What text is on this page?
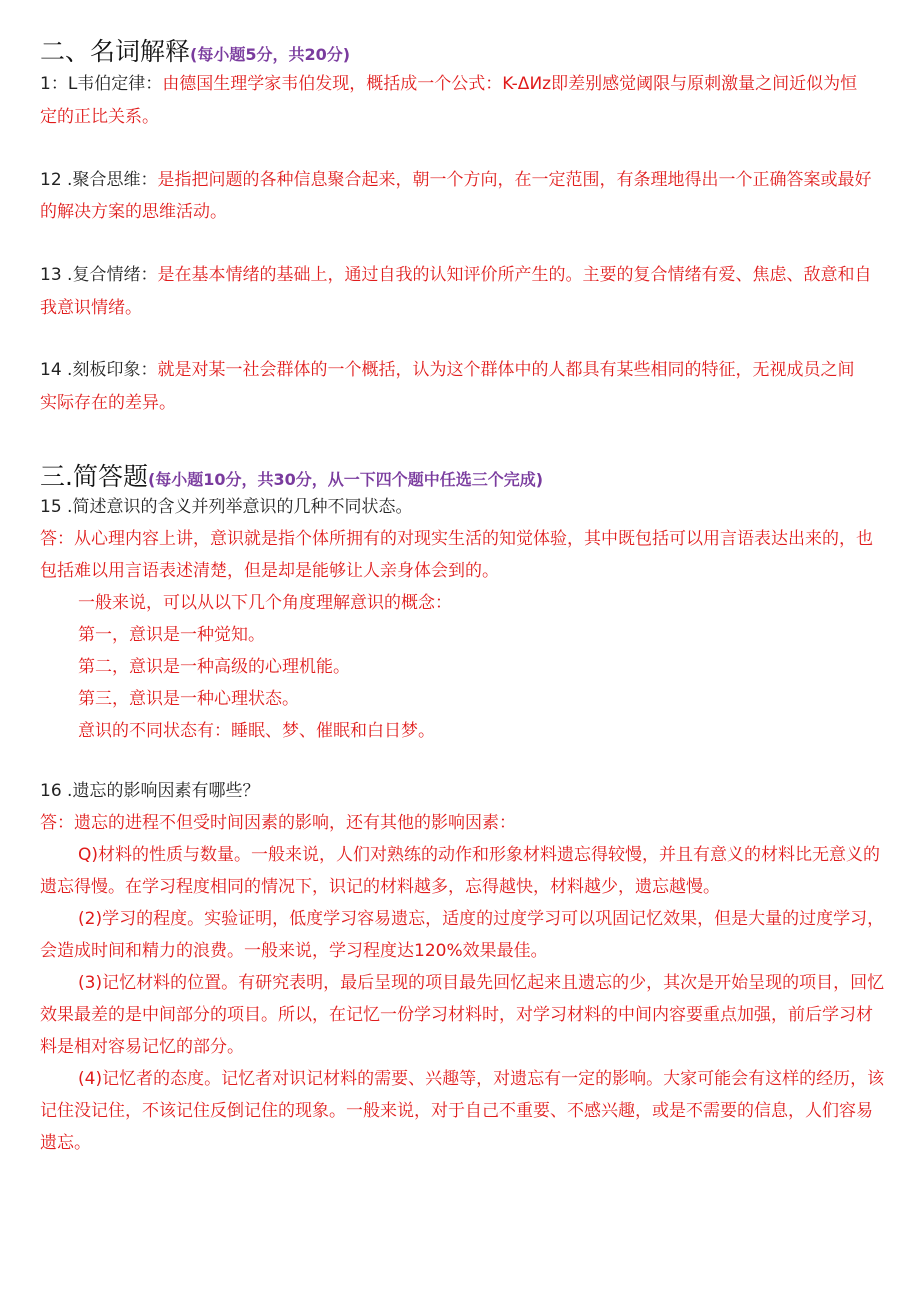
二、名词解释(每小题5分，共20分)
1：L韦伯定律：由德国生理学家韦伯发现，概括成一个公式：K-ΔИz即差别感觉阈限与原刺激量之间近似为恒
定的正比关系。
12 .聚合思维：是指把问题的各种信息聚合起来，朝一个方向，在一定范围，有条理地得出一个正确答案或最好
的解决方案的思维活动。
13 .复合情绪：是在基本情绪的基础上，通过自我的认知评价所产生的。主要的复合情绪有爱、焦虑、敌意和自
我意识情绪。
14 .刻板印象：就是对某一社会群体的一个概括，认为这个群体中的人都具有某些相同的特征，无视成员之间
实际存在的差异。
三.简答题(每小题10分，共30分，从一下四个题中任选三个完成)
15 .简述意识的含义并列举意识的几种不同状态。
答：从心理内容上讲，意识就是指个体所拥有的对现实生活的知觉体验，其中既包括可以用言语表达出来的，也
包括难以用言语表述清楚，但是却是能够让人亲身体会到的。
一般来说，可以从以下几个角度理解意识的概念：
第一，意识是一种觉知。
第二，意识是一种高级的心理机能。
第三，意识是一种心理状态。
意识的不同状态有：睡眠、梦、催眠和白日梦。
16 .遗忘的影响因素有哪些？
答：遗忘的进程不但受时间因素的影响，还有其他的影响因素：
Q)材料的性质与数量。一般来说，人们对熟练的动作和形象材料遗忘得较慢，并且有意义的材料比无意义的
遗忘得慢。在学习程度相同的情况下，识记的材料越多，忘得越快，材料越少，遗忘越慢。
(2)学习的程度。实验证明，低度学习容易遗忘，适度的过度学习可以巩固记忆效果，但是大量的过度学习，
会造成时间和精力的浪费。一般来说，学习程度达120%效果最佳。
(3)记忆材料的位置。有研究表明，最后呈现的项目最先回忆起来且遗忘的少，其次是开始呈现的项目，回忆
效果最差的是中间部分的项目。所以，在记忆一份学习材料时，对学习材料的中间内容要重点加强，前后学习材
料是相对容易记忆的部分。
(4)记忆者的态度。记忆者对识记材料的需要、兴趣等，对遗忘有一定的影响。大家可能会有这样的经历，该
记住没记住，不该记住反倒记住的现象。一般来说，对于自己不重要、不感兴趣，或是不需要的信息，人们容易
遗忘。
